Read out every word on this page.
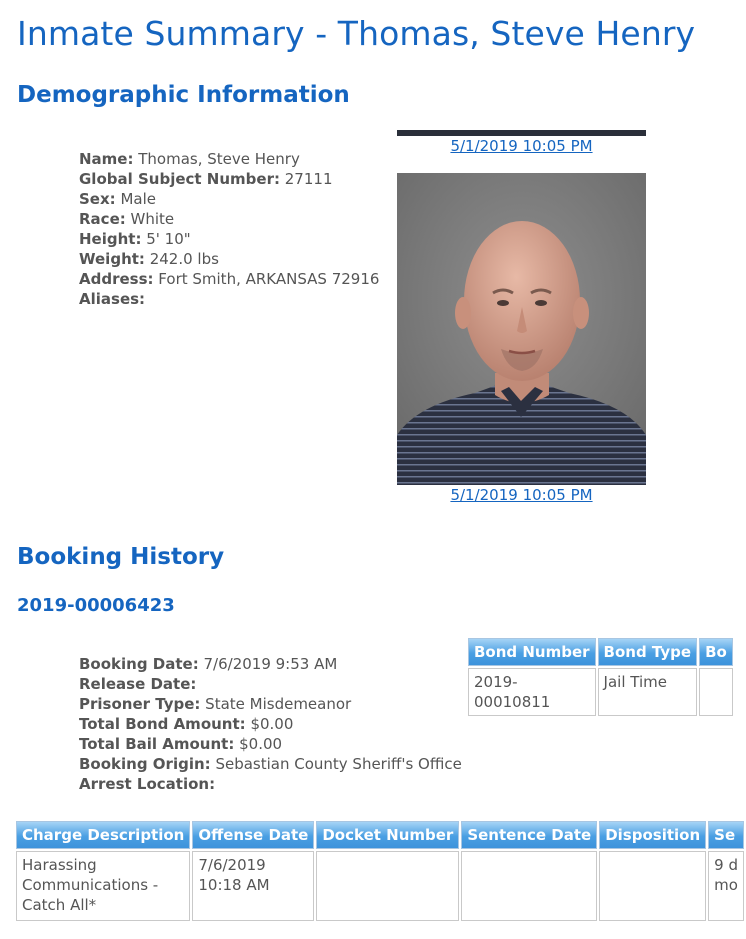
Inmate Summary - Thomas, Steve Henry
Demographic Information
Name: Thomas, Steve Henry
Global Subject Number: 27111
Sex: Male
Race: White
Height: 5' 10"
Weight: 242.0 lbs
Address: Fort Smith, ARKANSAS 72916
Aliases:
5/1/2019 10:05 PM
5/1/2019 10:05 PM
Booking History
2019-00006423
Booking Date: 7/6/2019 9:53 AM
Release Date:
Prisoner Type: State Misdemeanor
Total Bond Amount: $0.00
Total Bail Amount: $0.00
Booking Origin: Sebastian County Sheriff's Office
Arrest Location:
Bond Number	Bond Type	Bo
2019-00010811	Jail Time	
Charge Description	Offense Date	Docket Number	Sentence Date	Disposition	Se
Harassing Communications - Catch All*	7/6/2019 10:18 AM				9 d
mo
